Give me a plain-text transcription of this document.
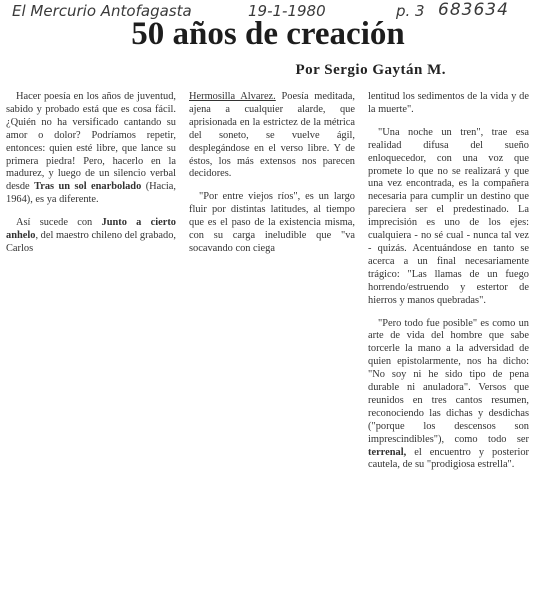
El Mercurio Antofagasta	19-1-1980	p. 3 683634
50 años de creación
Por Sergio Gaytán M.

Hacer poesía en los años de juventud, sabido y probado está que es cosa fácil. ¿Quién no ha versificado cantando su amor o dolor? Podríamos repetir, entonces: quien esté libre, que lance su primera piedra! Pero, hacerlo en la madurez, y luego de un silencio verbal desde Tras un sol enarbolado (Hacia, 1964), es ya diferente.

Así sucede con Junto a cierto anhelo, del maestro chileno del grabado, Carlos

Hermosilla Alvarez. Poesía meditada, ajena a cualquier alarde, que aprisionada en la estrictez de la métrica del soneto, se vuelve ágil, desplegándose en el verso libre. Y de éstos, los más extensos nos parecen decidores.

"Por entre viejos ríos", es un largo fluir por distintas latitudes, al tiempo que es el paso de la existencia misma, con su carga ineludible que "va socavando con ciega

lentitud los sedimentos de la vida y de la muerte".

"Una noche un tren", trae esa realidad difusa del sueño enloquecedor, con una voz que promete lo que no se realizará y que una vez encontrada, es la compañera necesaria para cumplir un destino que pareciera ser el predestinado. La imprecisión es uno de los ejes: cualquiera - no sé cual - nunca tal vez - quizás. Acentuándose en tanto se acerca a un final necesariamente trágico: "Las llamas de un fuego horrendo/estruendo y estertor de hierros y manos quebradas".

"Pero todo fue posible" es como un arte de vida del hombre que sabe torcerle la mano a la adversidad de quien epistolarmente, nos ha dicho: "No soy ni he sido tipo de pena durable ni anuladora". Versos que reunidos en tres cantos resumen, reconociendo las dichas y desdichas ("porque los descensos son imprescindibles"), como todo ser terrenal, el encuentro y posterior cautela, de su "prodigiosa estrella".
